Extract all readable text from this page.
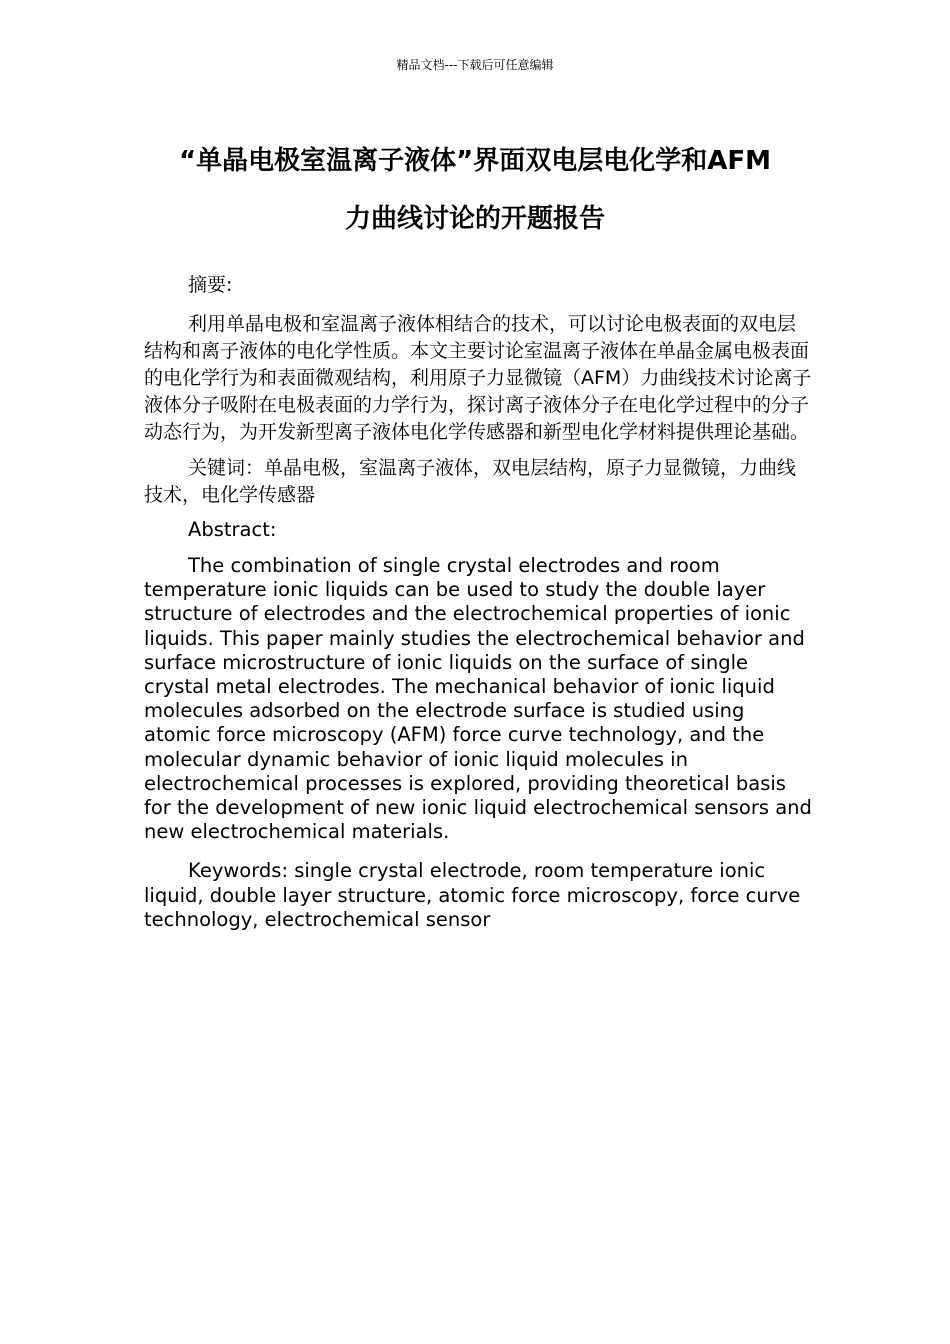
精品文档---下载后可任意编辑
“单晶电极室温离子液体”界面双电层电化学和AFM
力曲线讨论的开题报告

摘要:

利用单晶电极和室温离子液体相结合的技术，可以讨论电极表面的双电层结构和离子液体的电化学性质。本文主要讨论室温离子液体在单晶金属电极表面的电化学行为和表面微观结构，利用原子力显微镜（AFM）力曲线技术讨论离子液体分子吸附在电极表面的力学行为，探讨离子液体分子在电化学过程中的分子动态行为，为开发新型离子液体电化学传感器和新型电化学材料提供理论基础。

关键词：单晶电极，室温离子液体，双电层结构，原子力显微镜，力曲线技术，电化学传感器

Abstract:

The combination of single crystal electrodes and room temperature ionic liquids can be used to study the double layer structure of electrodes and the electrochemical properties of ionic liquids. This paper mainly studies the electrochemical behavior and surface microstructure of ionic liquids on the surface of single crystal metal electrodes. The mechanical behavior of ionic liquid molecules adsorbed on the electrode surface is studied using atomic force microscopy (AFM) force curve technology, and the molecular dynamic behavior of ionic liquid molecules in electrochemical processes is explored, providing theoretical basis for the development of new ionic liquid electrochemical sensors and new electrochemical materials.

Keywords: single crystal electrode, room temperature ionic liquid, double layer structure, atomic force microscopy, force curve technology, electrochemical sensor
